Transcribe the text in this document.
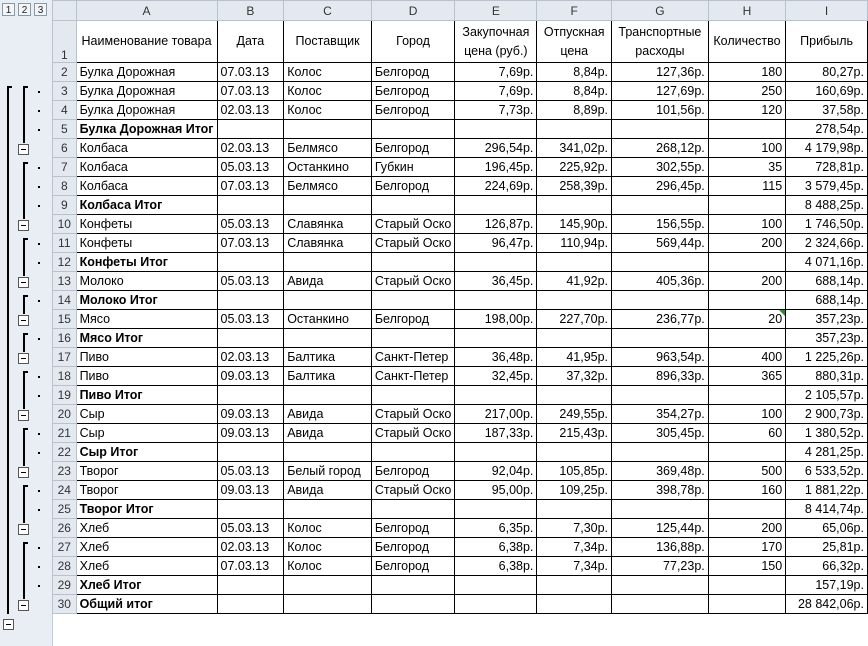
1	2	3
		A	B	C	D	E	F	G	H	I
1	Наименование товара	Дата	Поставщик	Город	Закупочная цена (руб.)	Отпускная цена	Транспортные расходы	Количество	Прибыль
2	Булка Дорожная	07.03.13	Колос	Белгород	7,69р.	8,84р.	127,36р.	180	80,27р.
3	Булка Дорожная	07.03.13	Колос	Белгород	7,69р.	8,84р.	127,69р.	250	160,69р.
4	Булка Дорожная	02.03.13	Колос	Белгород	7,73р.	8,89р.	101,56р.	120	37,58р.
5	Булка Дорожная Итог								278,54р.
6	Колбаса	02.03.13	Белмясо	Белгород	296,54р.	341,02р.	268,12р.	100	4 179,98р.
7	Колбаса	05.03.13	Останкино	Губкин	196,45р.	225,92р.	302,55р.	35	728,81р.
8	Колбаса	07.03.13	Белмясо	Белгород	224,69р.	258,39р.	296,45р.	115	3 579,45р.
9	Колбаса Итог								8 488,25р.
10	Конфеты	05.03.13	Славянка	Старый Оско	126,87р.	145,90р.	156,55р.	100	1 746,50р.
11	Конфеты	07.03.13	Славянка	Старый Оско	96,47р.	110,94р.	569,44р.	200	2 324,66р.
12	Конфеты Итог								4 071,16р.
13	Молоко	05.03.13	Авида	Старый Оско	36,45р.	41,92р.	405,36р.	200	688,14р.
14	Молоко Итог								688,14р.
15	Мясо	05.03.13	Останкино	Белгород	198,00р.	227,70р.	236,77р.	20	357,23р.
16	Мясо Итог								357,23р.
17	Пиво	02.03.13	Балтика	Санкт-Петер	36,48р.	41,95р.	963,54р.	400	1 225,26р.
18	Пиво	09.03.13	Балтика	Санкт-Петер	32,45р.	37,32р.	896,33р.	365	880,31р.
19	Пиво Итог								2 105,57р.
20	Сыр	09.03.13	Авида	Старый Оско	217,00р.	249,55р.	354,27р.	100	2 900,73р.
21	Сыр	09.03.13	Авида	Старый Оско	187,33р.	215,43р.	305,45р.	60	1 380,52р.
22	Сыр Итог								4 281,25р.
23	Творог	05.03.13	Белый город	Белгород	92,04р.	105,85р.	369,48р.	500	6 533,52р.
24	Творог	09.03.13	Авида	Старый Оско	95,00р.	109,25р.	398,78р.	160	1 881,22р.
25	Творог Итог								8 414,74р.
26	Хлеб	05.03.13	Колос	Белгород	6,35р.	7,30р.	125,44р.	200	65,06р.
27	Хлеб	02.03.13	Колос	Белгород	6,38р.	7,34р.	136,88р.	170	25,81р.
28	Хлеб	07.03.13	Колос	Белгород	6,38р.	7,34р.	77,23р.	150	66,32р.
29	Хлеб Итог								157,19р.
30	Общий итог								28 842,06р.
